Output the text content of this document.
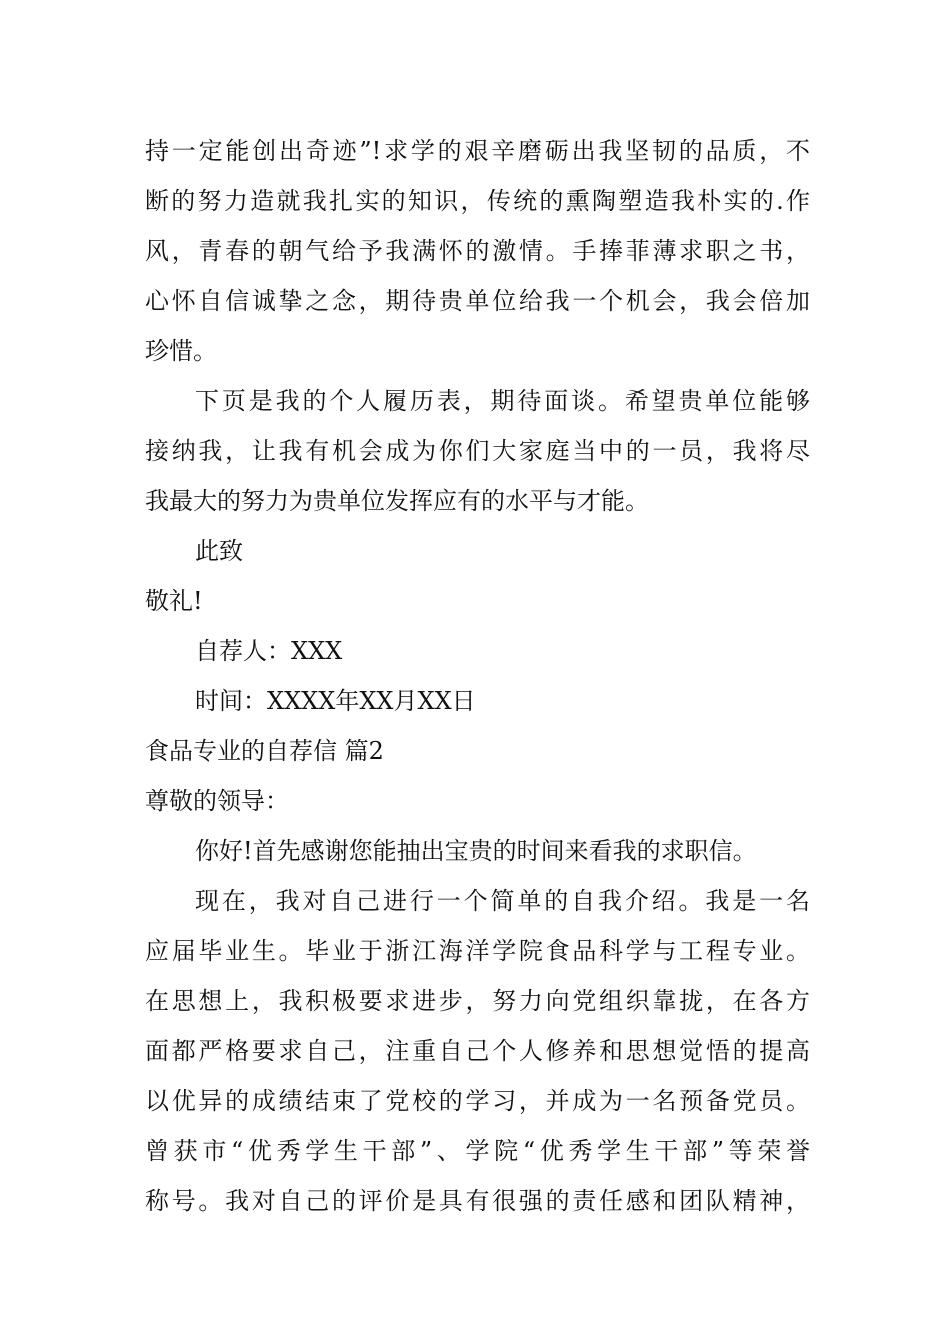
持一定能创出奇迹”!求学的艰辛磨砺出我坚韧的品质，不
断的努力造就我扎实的知识，传统的熏陶塑造我朴实的.作
风，青春的朝气给予我满怀的激情。手捧菲薄求职之书，
心怀自信诚挚之念，期待贵单位给我一个机会，我会倍加
珍惜。
下页是我的个人履历表，期待面谈。希望贵单位能够
接纳我，让我有机会成为你们大家庭当中的一员，我将尽
我最大的努力为贵单位发挥应有的水平与才能。
此致
敬礼!
自荐人：XXX
时间：XXXX年XX月XX日
食品专业的自荐信 篇2
尊敬的领导：
你好!首先感谢您能抽出宝贵的时间来看我的求职信。
现在，我对自己进行一个简单的自我介绍。我是一名
应届毕业生。毕业于浙江海洋学院食品科学与工程专业。
在思想上，我积极要求进步，努力向党组织靠拢，在各方
面都严格要求自己，注重自己个人修养和思想觉悟的提高
以优异的成绩结束了党校的学习，并成为一名预备党员。
曾获市“优秀学生干部”、学院“优秀学生干部”等荣誉
称号。我对自己的评价是具有很强的责任感和团队精神，
